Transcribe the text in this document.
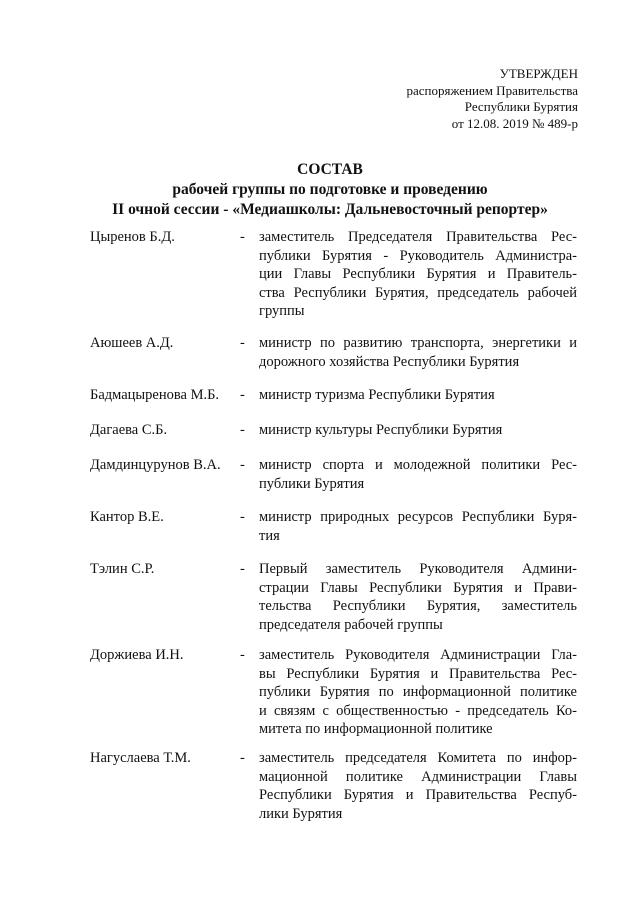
УТВЕРЖДЕН
распоряжением Правительства
Республики Бурятия
от 12.08. 2019 № 489-р
СОСТАВ
рабочей группы по подготовке и проведению
II очной сессии - «Медиашколы: Дальневосточный репортер»
Цыренов Б.Д.	- заместитель Председателя Правительства Рес-
публики Бурятия - Руководитель Администра-
ции Главы Республики Бурятия и Правитель-
ства Республики Бурятия, председатель рабочей
группы
Аюшеев А.Д.	- министр по развитию транспорта, энергетики и
дорожного хозяйства Республики Бурятия
Бадмацыренова М.Б.	- министр туризма Республики Бурятия
Дагаева С.Б.	- министр культуры Республики Бурятия
Дамдинцурунов В.А.	- министр спорта и молодежной политики Рес-
публики Бурятия
Кантор В.Е.	- министр природных ресурсов Республики Буря-
тия
Тэлин С.Р.	- Первый заместитель Руководителя Админи-
страции Главы Республики Бурятия и Прави-
тельства Республики Бурятия, заместитель
председателя рабочей группы
Доржиева И.Н.	- заместитель Руководителя Администрации Гла-
вы Республики Бурятия и Правительства Рес-
публики Бурятия по информационной политике
и связям с общественностью - председатель Ко-
митета по информационной политике
Нагуслаева Т.М.	- заместитель председателя Комитета по инфор-
мационной политике Администрации Главы
Республики Бурятия и Правительства Респуб-
лики Бурятия
